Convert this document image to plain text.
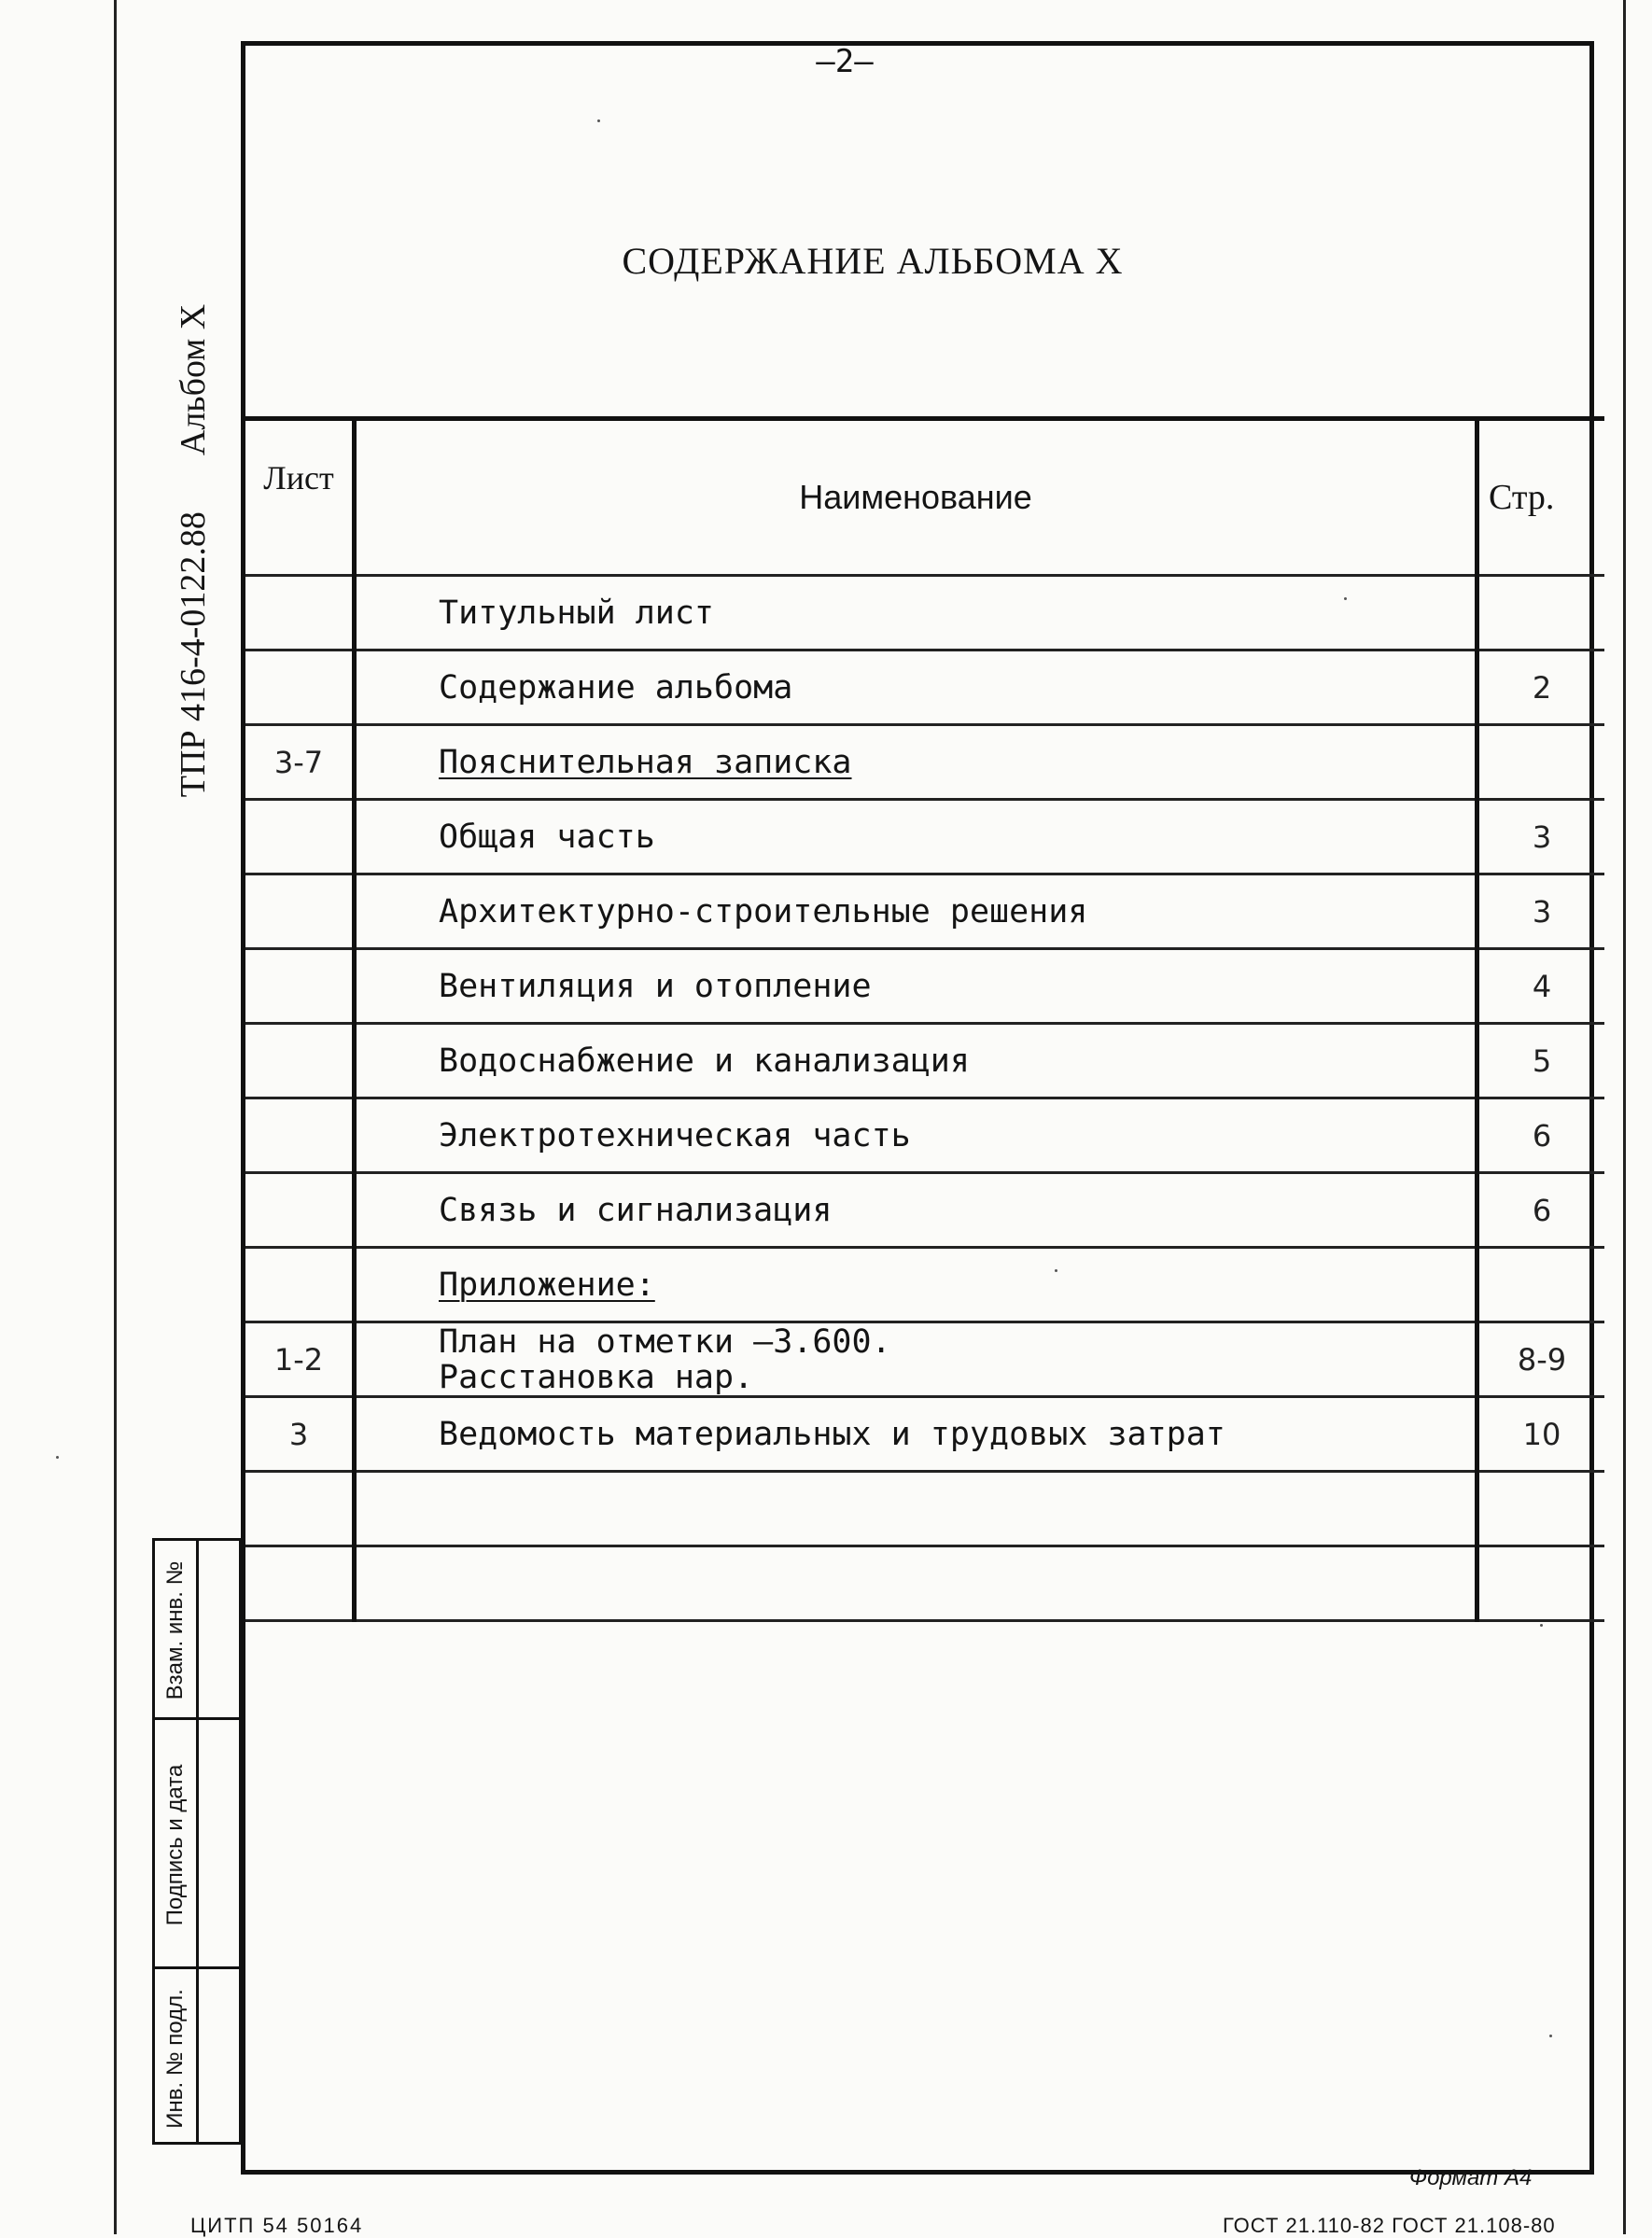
–2–
СОДЕРЖАНИЕ АЛЬБОМА X
ТПР 416-4-0122.88Альбом X
Лист	Наименование	Стр.
	Титульный лист	
	Содержание альбома	2
3-7	Пояснительная записка	
	Общая часть	3
	Архитектурно-строительные решения	3
	Вентиляция и отопление	4
	Водоснабжение и канализация	5
	Электротехническая часть	6
	Связь и сигнализация	6
	Приложение:	
1-2	План на отметки –3.600.
Расстановка нар.	8-9
3	Ведомость материальных и трудовых затрат	10

Взам. инв. №
Подпись и дата
Инв. № подл.
Формат А4
ЦИТП 54 50164	ГОСТ 21.110-82 ГОСТ 21.108-80
